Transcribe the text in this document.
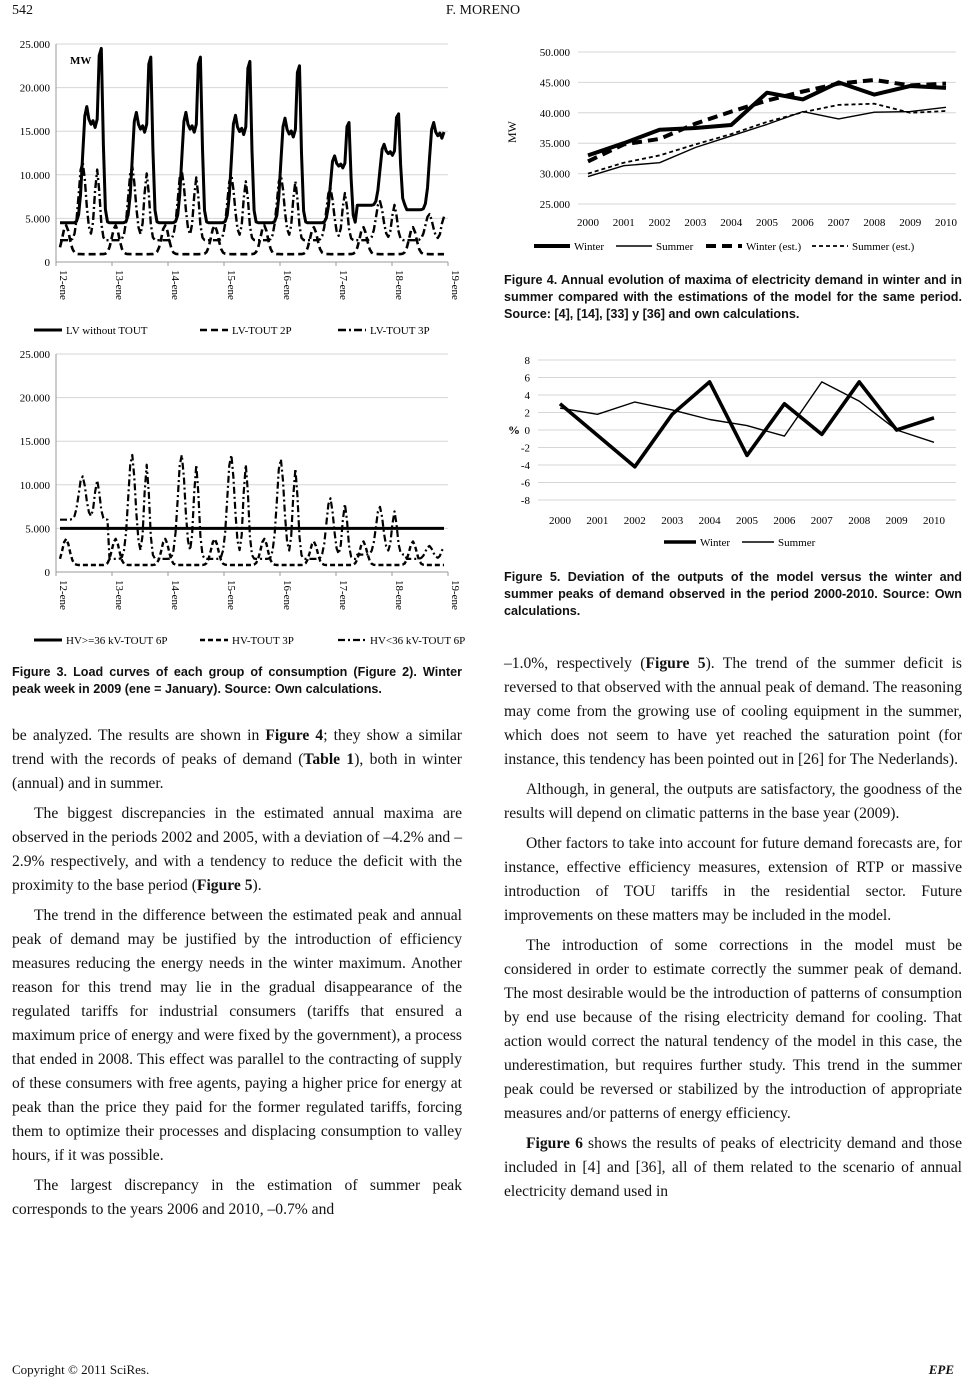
542	F. MORENO
25.000
20.000
15.000
10.000
5.000
0
12-ene	13-ene	14-ene	15-ene	16-ene	17-ene	18-ene	19-ene
MW
LV without TOUT	LV-TOUT 2P	LV-TOUT 3P
25.000
20.000
15.000
10.000
5.000
0
12-ene	13-ene	14-ene	15-ene	16-ene	17-ene	18-ene	19-ene
HV>=36 kV-TOUT 6P	HV-TOUT 3P	HV<36 kV-TOUT 6P
Figure 3. Load curves of each group of consumption (Figure 2). Winter peak week in 2009 (ene = January). Source: Own calculations.
50.000
45.000
40.000
35.000
30.000
25.000
MW
2000 2001 2002 2003 2004 2005 2006 2007 2008 2009 2010
Winter	Summer	Winter (est.)	Summer (est.)
Figure 4. Annual evolution of maxima of electricity demand in winter and in summer compared with the estimations of the model for the same period. Source: [4], [14], [33] y [36] and own calculations.
8
6
4
2
0
-2
-4
-6
-8
%
2000 2001 2002 2003 2004 2005 2006 2007 2008 2009 2010
Winter	Summer
Figure 5. Deviation of the outputs of the model versus the winter and summer peaks of demand observed in the period 2000-2010. Source: Own calculations.

be analyzed. The results are shown in Figure 4; they show a similar trend with the records of peaks of demand (Table 1), both in winter (annual) and in summer.

The biggest discrepancies in the estimated annual maxima are observed in the periods 2002 and 2005, with a deviation of –4.2% and –2.9% respectively, and with a tendency to reduce the deficit with the proximity to the base period (Figure 5).

The trend in the difference between the estimated peak and annual peak of demand may be justified by the introduction of efficiency measures reducing the energy needs in the winter maximum. Another reason for this trend may lie in the gradual disappearance of the regulated tariffs for industrial consumers (tariffs that ensured a maximum price of energy and were fixed by the government), a process that ended in 2008. This effect was parallel to the contracting of supply of these consumers with free agents, paying a higher price for energy at peak than the price they paid for the former regulated tariffs, forcing them to optimize their processes and displacing consumption to valley hours, if it was possible.

The largest discrepancy in the estimation of summer peak corresponds to the years 2006 and 2010, –0.7% and

–1.0%, respectively (Figure 5). The trend of the summer deficit is reversed to that observed with the annual peak of demand. The reasoning may come from the growing use of cooling equipment in the summer, which does not seem to have yet reached the saturation point (for instance, this tendency has been pointed out in [26] for The Nederlands).

Although, in general, the outputs are satisfactory, the goodness of the results will depend on climatic patterns in the base year (2009).

Other factors to take into account for future demand forecasts are, for instance, effective efficiency measures, extension of RTP or massive introduction of TOU tariffs in the residential sector. Future improvements on these matters may be included in the model.

The introduction of some corrections in the model must be considered in order to estimate correctly the summer peak of demand. The most desirable would be the introduction of patterns of consumption by end use because of the rising electricity demand for cooling. That action would correct the natural tendency of the model in this case, the underestimation, but requires further study. This trend in the summer peak could be reversed or stabilized by the introduction of appropriate measures and/or patterns of energy efficiency.

Figure 6 shows the results of peaks of electricity demand and those included in [4] and [36], all of them related to the scenario of annual electricity demand used in

Copyright © 2011 SciRes.	EPE
